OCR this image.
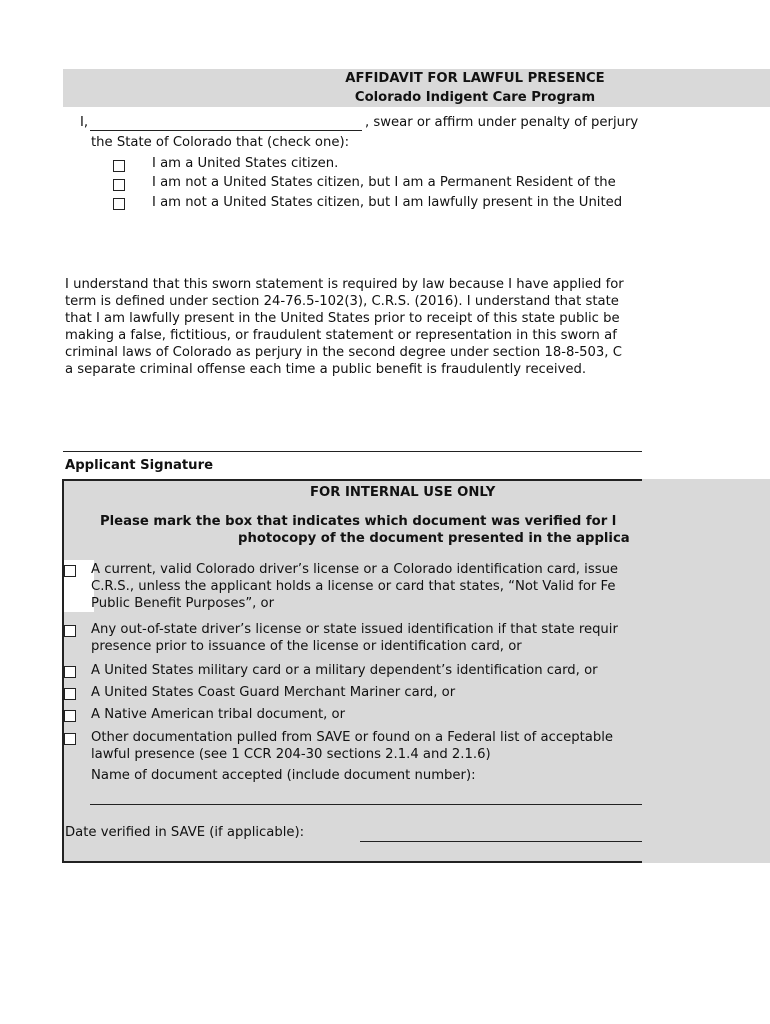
AFFIDAVIT FOR LAWFUL PRESENCE
Colorado Indigent Care Program
I,	, swear or affirm under penalty of perjury
the State of Colorado that (check one):
I am a United States citizen.
I am not a United States citizen, but I am a Permanent Resident of the
I am not a United States citizen, but I am lawfully present in the United
I understand that this sworn statement is required by law because I have applied for
term is defined under section 24-76.5-102(3), C.R.S. (2016). I understand that state
that I am lawfully present in the United States prior to receipt of this state public be
making a false, fictitious, or fraudulent statement or representation in this sworn af
criminal laws of Colorado as perjury in the second degree under section 18-8-503, C
a separate criminal offense each time a public benefit is fraudulently received.
Applicant Signature
FOR INTERNAL USE ONLY
Please mark the box that indicates which document was verified for l
photocopy of the document presented in the applica
A current, valid Colorado driver’s license or a Colorado identification card, issue
C.R.S., unless the applicant holds a license or card that states, “Not Valid for Fe
Public Benefit Purposes”, or
Any out-of-state driver’s license or state issued identification if that state requir
presence prior to issuance of the license or identification card, or
A United States military card or a military dependent’s identification card, or
A United States Coast Guard Merchant Mariner card, or
A Native American tribal document, or
Other documentation pulled from SAVE or found on a Federal list of acceptable
lawful presence (see 1 CCR 204-30 sections 2.1.4 and 2.1.6)
Name of document accepted (include document number):
Date verified in SAVE (if applicable):
